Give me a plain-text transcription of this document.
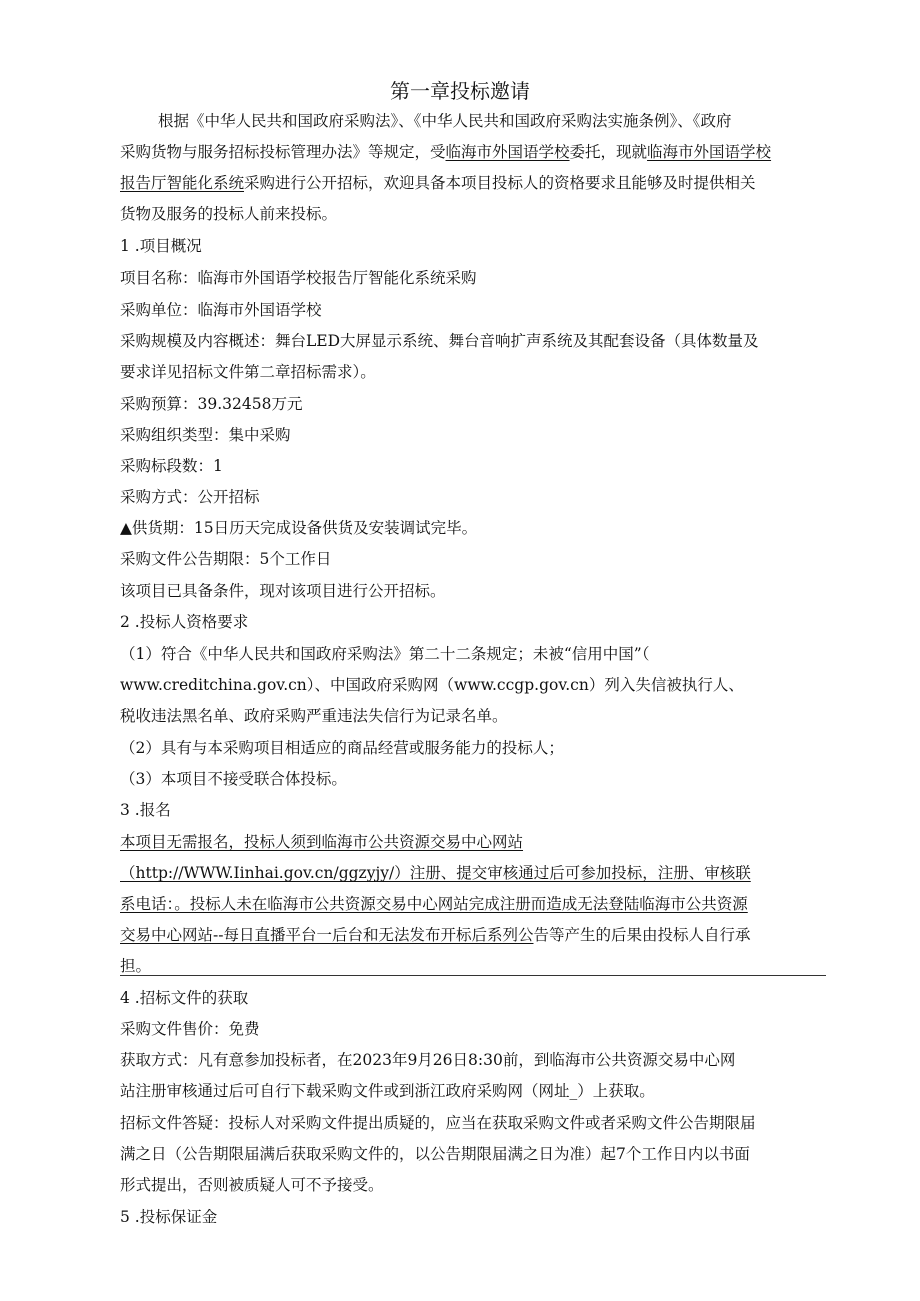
第一章投标邀请
根据《中华人民共和国政府采购法》、《中华人民共和国政府采购法实施条例》、《政府
采购货物与服务招标投标管理办法》等规定，受临海市外国语学校委托，现就临海市外国语学校
报告厅智能化系统采购进行公开招标，欢迎具备本项目投标人的资格要求且能够及时提供相关
货物及服务的投标人前来投标。
1 .项目概况
项目名称：临海市外国语学校报告厅智能化系统采购
采购单位：临海市外国语学校
采购规模及内容概述：舞台LED大屏显示系统、舞台音响扩声系统及其配套设备（具体数量及
要求详见招标文件第二章招标需求）。
采购预算：39.32458万元
采购组织类型：集中采购
采购标段数：1
采购方式：公开招标
▲供货期：15日历天完成设备供货及安装调试完毕。
采购文件公告期限：5个工作日
该项目已具备条件，现对该项目进行公开招标。
2 .投标人资格要求
（1）符合《中华人民共和国政府采购法》第二十二条规定；未被“信用中国”（
www.creditchina.gov.cn）、中国政府采购网（www.ccgp.gov.cn）列入失信被执行人、
税收违法黑名单、政府采购严重违法失信行为记录名单。
（2）具有与本采购项目相适应的商品经营或服务能力的投标人；
（3）本项目不接受联合体投标。
3 .报名
本项目无需报名，投标人须到临海市公共资源交易中心网站
（http://WWW.Iinhai.gov.cn/ggzyjy/）注册、提交审核通过后可参加投标，注册、审核联
系电话：。投标人未在临海市公共资源交易中心网站完成注册而造成无法登陆临海市公共资源
交易中心网站--每日直播平台一后台和无法发布开标后系列公告等产生的后果由投标人自行承
担。
4 .招标文件的获取
采购文件售价：免费
获取方式：凡有意参加投标者，在2023年9月26日8:30前，到临海市公共资源交易中心网
站注册审核通过后可自行下载采购文件或到浙江政府采购网（网址_）上获取。
招标文件答疑：投标人对采购文件提出质疑的，应当在获取采购文件或者采购文件公告期限届
满之日（公告期限届满后获取采购文件的，以公告期限届满之日为准）起7个工作日内以书面
形式提出，否则被质疑人可不予接受。
5 .投标保证金
